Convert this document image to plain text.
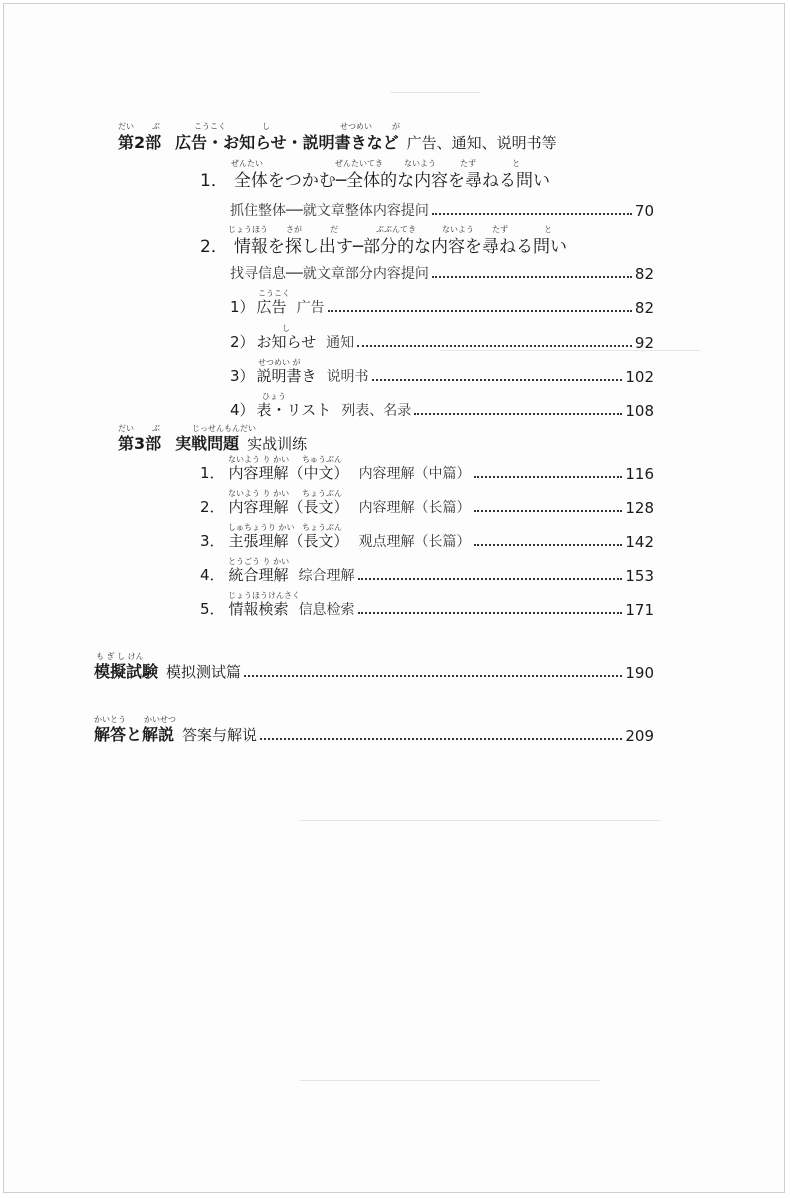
だい ぶ	こうこく	し	せつめい	が
第2部 広告・お知らせ・説明書きなど 广告、通知、说明书等
ぜんたい	ぜんたいてき	ないよう	たず	と
1． 全体をつかむ─全体的な内容を尋ねる問い
抓住整体──就文章整体内容提问	70
じょうほう さが	だ	ぶぶんてき	ないよう たず	と
2． 情報を探し出す─部分的な内容を尋ねる問い
找寻信息──就文章部分内容提问	82
こうこく
1） 広告 广告	82
し
2） お知らせ 通知	92
せつめい が
3） 説明書き 说明书	102
ひょう
4） 表・リスト 列表、名录	108
だい ぶ	じっせんもんだい
第3部 実戦問題 实战训练
ないよう り かい ちゅうぶん
1． 内容理解（中文） 内容理解（中篇）	116
ないよう り かい ちょうぶん
2． 内容理解（長文） 内容理解（长篇）	128
しゅちょうり かい ちょうぶん
3． 主張理解（長文） 观点理解（长篇）	142
とうごう り かい
4． 統合理解 综合理解	153
じょうほうけんさく
5． 情報検索 信息检索	171
も ぎ し けん
模擬試験 模拟测试篇	190
かいとう かいせつ
解答と解説 答案与解说	209
